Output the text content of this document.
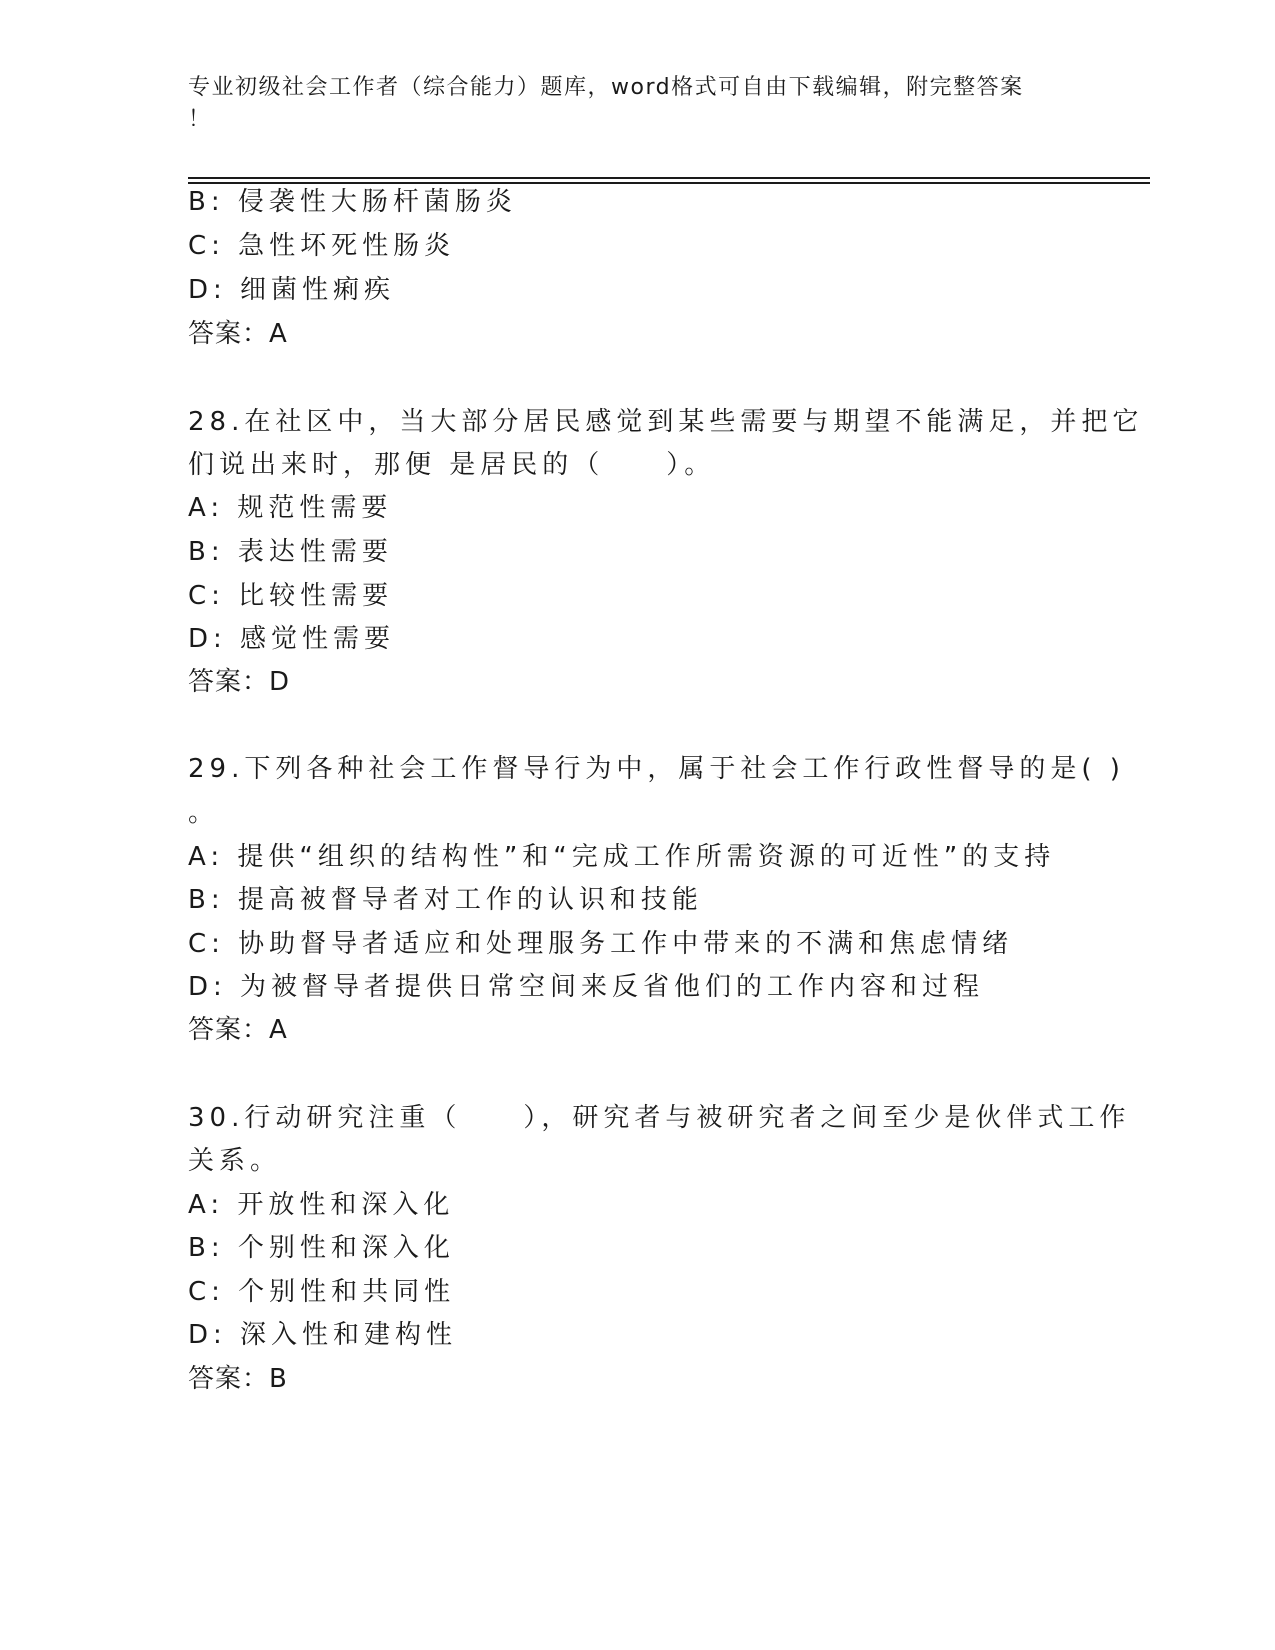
专业初级社会工作者（综合能力）题库，word格式可自由下载编辑，附完整答案
！
B: 侵袭性大肠杆菌肠炎
C: 急性坏死性肠炎
D: 细菌性痢疾
答案：A
28.在社区中，当大部分居民感觉到某些需要与期望不能满足，并把它
们说出来时，那便 是居民的（　　）。
A: 规范性需要
B: 表达性需要
C: 比较性需要
D: 感觉性需要
答案：D
29.下列各种社会工作督导行为中，属于社会工作行政性督导的是( )
。
A: 提供“组织的结构性”和“完成工作所需资源的可近性”的支持
B: 提高被督导者对工作的认识和技能
C: 协助督导者适应和处理服务工作中带来的不满和焦虑情绪
D: 为被督导者提供日常空间来反省他们的工作内容和过程
答案：A
30.行动研究注重（　　），研究者与被研究者之间至少是伙伴式工作
关系。
A: 开放性和深入化
B: 个别性和深入化
C: 个别性和共同性
D: 深入性和建构性
答案：B
